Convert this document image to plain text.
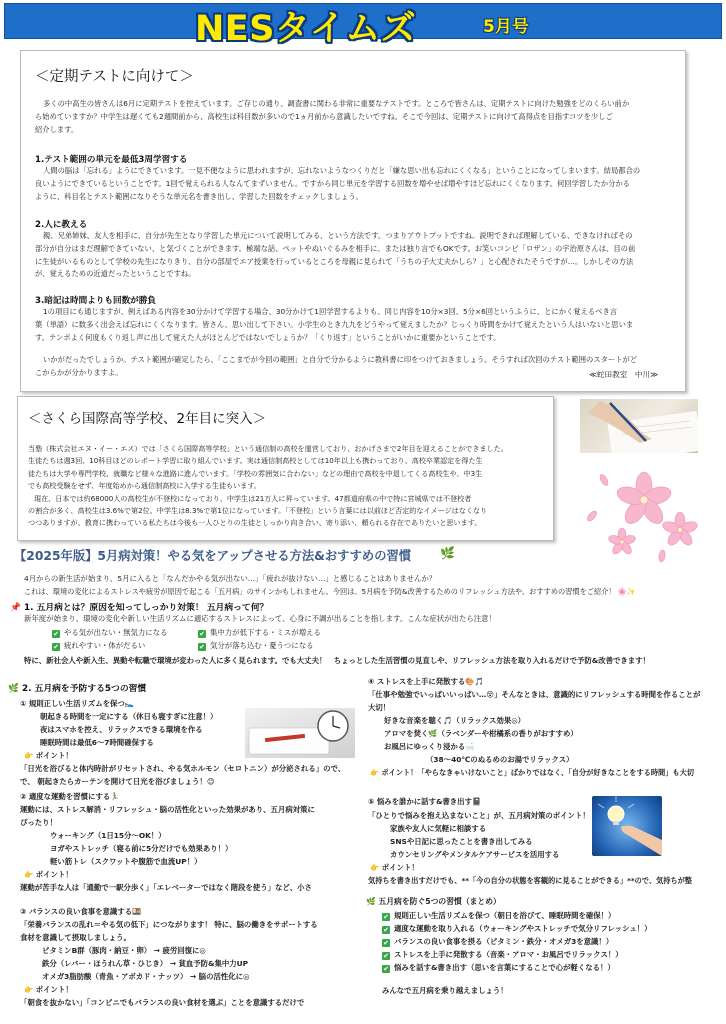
NESタイムズ	5月号
＜定期テストに向けて＞
多くの中高生の皆さんは6月に定期テストを控えています。ご存じの通り、調査書に関わる非常に重要なテストです。ところで皆さんは、定期テストに向けた勉強をどのくらい前か
ら始めていますか？中学生は遅くても2週間前から、高校生は科目数が多いので1ヵ月前から意識したいですね。そこで今回は、定期テストに向けて高得点を目指すコツを少しご
紹介します。
1.テスト範囲の単元を最低3周学習する
人間の脳は「忘れる」ようにできています。一見不便なように思われますが、忘れないようなつくりだと「嫌な思い出も忘れにくくなる」ということになってしまいます。結局都合の
良いようにできているということです。1回で覚えられる人なんてまずいません。ですから同じ単元を学習する回数を増やせば増やすほど忘れにくくなります。何回学習したか分かる
ように、科目名とテスト範囲になりそうな単元名を書き出し、学習した回数をチェックしましょう。
2.人に教える
親、兄弟姉妹、友人を相手に、自分が先生となり学習した単元について説明してみる、という方法です。つまりアウトプットですね。説明できれば理解している、できなければその
部分が自分はまだ理解できていない、と気づくことができます。極端な話、ペットやぬいぐるみを相手に、または独り言でもOKです。お笑いコンビ「ロザン」の宇治原さんは、目の前
に生徒がいるものとして学校の先生になりきり、自分の部屋でエア授業を行っているところを母親に見られて「うちの子大丈夫かしら？」と心配されたそうですが…。しかしその方法
が、覚えるための近道だったということですね。
3.暗記は時間よりも回数が勝負
1の項目にも通じますが、例えばある内容を30分かけて学習する場合、30分かけて1回学習するよりも、同じ内容を10分×3回、5分×6回というふうに、とにかく覚えるべき言
葉（単語）に数多く出会えば忘れにくくなります。皆さん、思い出して下さい。小学生のとき九九をどうやって覚えましたか？じっくり時間をかけて覚えたという人はいないと思いま
す。テンポよく何度もくり返し声に出して覚えた人がほとんどではないでしょうか？「くり返す」ということがいかに重要かということです。
いかがだったでしょうか。テスト範囲が確定したら、「ここまでが今回の範囲」と自分で分かるように教科書に印をつけておきましょう。そうすれば次回のテスト範囲のスタートがど
こからかが分かりますよ。	≪蛇田教室　中川≫
＜さくら国際高等学校、2年目に突入＞
当塾（株式会社エヌ・イー・エス）では「さくら国際高等学校」という通信制の高校を運営しており、おかげさまで2年目を迎えることができました。
生徒たちは週3回、10科目ほどのレポート学習に取り組んでいます。実は通信制高校としては10年以上も携わっており、高校卒業認定を得た生
徒たちは大学や専門学校、就職など様々な進路に進んでいます。「学校の雰囲気に合わない」などの理由で高校を中退してくる高校生や、中3生
でも高校受験をせず、年度始めから通信制高校に入学する生徒もいます。
現在、日本では約68000人の高校生が不登校になっており、中学生は21万人に昇っています。47都道府県の中で特に宮城県では不登校者
の割合が多く、高校生は3.6%で第2位、中学生は8.3%で第1位になっています。「不登校」という言葉には以前ほど否定的なイメージはなくなり
つつありますが、教育に携わっている私たちは今後も一人ひとりの生徒としっかり向き合い、寄り添い、頼られる存在でありたいと思います。
【2025年版】5月病対策！やる気をアップさせる方法&おすすめの習慣 🌿
4月からの新生活が始まり、5月に入ると「なんだかやる気が出ない…」「疲れが抜けない…」と感じることはありませんか？
これは、環境の変化によるストレスや疲労が原因で起こる「五月病」のサインかもしれません。今回は、5月病を予防&改善するためのリフレッシュ方法や、おすすめの習慣をご紹介！ 🌸✨
📌 1. 五月病とは？原因を知ってしっかり対策！ 五月病って何？
新年度が始まり、環境の変化や新しい生活リズムに適応するストレスによって、心身に不調が出ることを指します。こんな症状が出たら注意！
✔ やる気が出ない・無気力になる	✔ 集中力が低下する・ミスが増える
✔ 疲れやすい・体がだるい	✔ 気分が落ち込む・憂うつになる
特に、新社会人や新入生、異動や転職で環境が変わった人に多く見られます。でも大丈夫！　ちょっとした生活習慣の見直しや、リフレッシュ方法を取り入れるだけで予防&改善できます！
🌿 2. 五月病を予防する5つの習慣
① 規則正しい生活リズムを保つ🛌
朝起きる時間を一定にする（休日も寝すぎに注意！）
夜はスマホを控え、リラックスできる環境を作る
睡眠時間は最低6〜7時間確保する
👉 ポイント！
「日光を浴びると体内時計がリセットされ、やる気ホルモン（セロトニン）が分泌される」ので、
で、 朝起きたらカーテンを開けて日光を浴びましょう！😊
② 適度な運動を習慣にする🏃‍♂️
運動には、ストレス解消・リフレッシュ・脳の活性化といった効果があり、五月病対策に
ぴったり！
ウォーキング（1日15分〜OK！）
ヨガやストレッチ（寝る前に5分だけでも効果あり！）
軽い筋トレ（スクワットや腹筋で血流UP！）
👉 ポイント！
運動が苦手な人は「通勤で一駅分歩く」「エレベーターではなく階段を使う」など、小さ
③ バランスの良い食事を意識する🍱
「栄養バランスの乱れ＝やる気の低下」につながります！ 特に、脳の働きをサポートする
食材を意識して摂取しましょう。
ビタミンB群（豚肉・納豆・卵） → 疲労回復に◎
鉄分（レバー・ほうれん草・ひじき） → 貧血予防&集中力UP
オメガ3脂肪酸（青魚・アボカド・ナッツ） → 脳の活性化に◎
👉 ポイント！
「朝食を抜かない」「コンビニでもバランスの良い食材を選ぶ」ことを意識するだけで
④ ストレスを上手に発散する🎨🎵
「仕事や勉強でいっぱいいっぱい…😵」そんなときは、意識的にリフレッシュする時間を作ることが
大切！
好きな音楽を聴く🎵（リラックス効果◎）
アロマを焚く🌿（ラベンダーや柑橘系の香りがおすすめ）
お風呂にゆっくり浸かる🛁
（38〜40℃のぬるめのお湯でリラックス）
👉 ポイント！「やらなきゃいけないこと」ばかりではなく、「自分が好きなことをする時間」も大切
⑤ 悩みを誰かに話す&書き出す📓
「ひとりで悩みを抱え込まないこと」が、五月病対策のポイント！
家族や友人に気軽に相談する
SNSや日記に思ったことを書き出してみる
カウンセリングやメンタルケアサービスを活用する
👉 ポイント！
気持ちを書き出すだけでも、**「今の自分の状態を客観的に見ることができる」**ので、気持ちが整
🌿 五月病を防ぐ5つの習慣（まとめ）
✔ 規則正しい生活リズムを保つ（朝日を浴びて、睡眠時間を確保！）
✔ 適度な運動を取り入れる（ウォーキングやストレッチで気分リフレッシュ！）
✔ バランスの良い食事を摂る（ビタミン・鉄分・オメガ3を意識！）
✔ ストレスを上手に発散する（音楽・アロマ・お風呂でリラックス！）
✔ 悩みを話す&書き出す（思いを言葉にすることで心が軽くなる！）
みんなで五月病を乗り越えましょう！
